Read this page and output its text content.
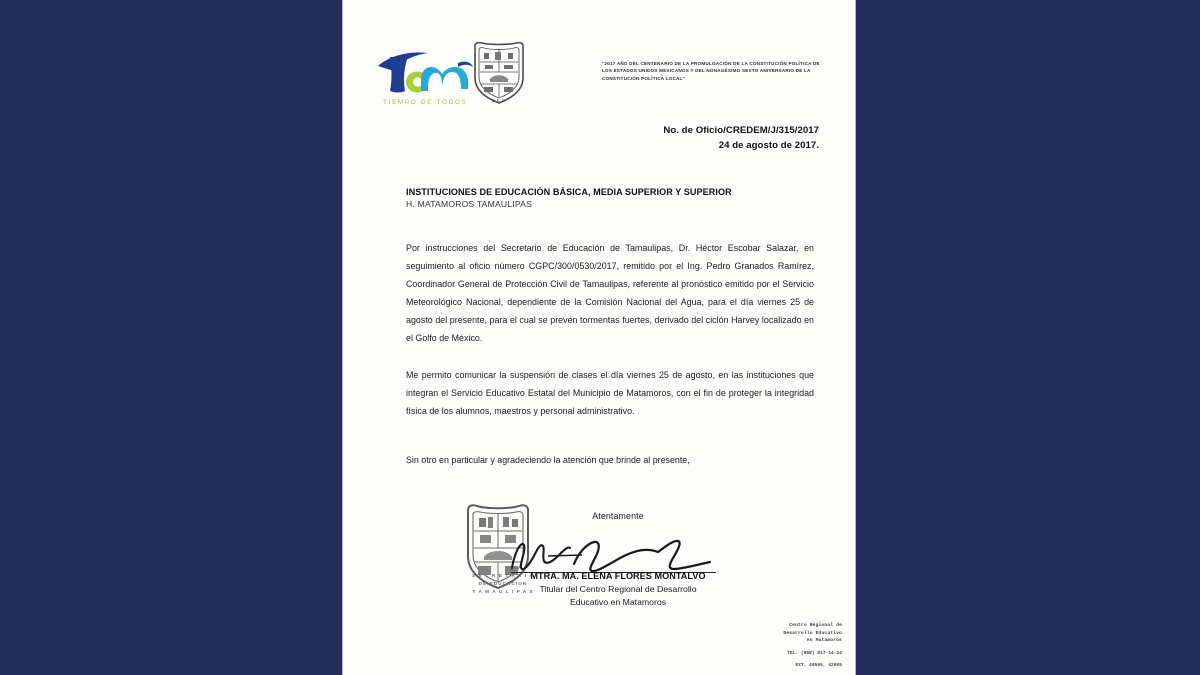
TIEMPO DE TODOS	S.E.P.
"2017 AÑO DEL CENTENARIO DE LA PROMULGACIÓN DE LA CONSTITUCIÓN POLÍTICA DE LOS ESTADOS UNIDOS MEXICANOS Y DEL NONAGÉSIMO SEXTO ANIVERSARIO DE LA CONSTITUCIÓN POLÍTICA LOCAL"
No. de Oficio/CREDEM/J/315/2017
24 de agosto de 2017.
INSTITUCIONES DE EDUCACIÓN BÁSICA, MEDIA SUPERIOR Y SUPERIOR
H. MATAMOROS TAMAULIPAS

Por instrucciones del Secretario de Educación de Tamaulipas, Dr. Héctor Escobar Salazar, en seguimiento al oficio número CGPC/300/0530/2017, remitido por el Ing. Pedro Granados Ramírez, Coordinador General de Protección Civil de Tamaulipas, referente al pronóstico emitido por el Servicio Meteorológico Nacional, dependiente de la Comisión Nacional del Agua, para el día viernes 25 de agosto del presente, para el cual se prevén tormentas fuertes, derivado del ciclón Harvey localizado en el Golfo de México.

Me permito comunicar la suspensión de clases el día viernes 25 de agosto, en las instituciones que integran el Servicio Educativo Estatal del Municipio de Matamoros, con el fin de proteger la integridad física de los alumnos, maestros y personal administrativo.

Sin otro en particular y agradeciendo la atención que brinde al presente,
Atentamente
S E C R E T A R I A
DE EDUCACION
T A M A U L I P A S
MTRA. MA. ELENA FLORES MONTALVO
Titular del Centro Regional de Desarrollo
Educativo en Matamoros

Centro Regional de
Desarrollo Educativo
en Matamoros
TEL. (868) 817-14-24
EXT. 40500, 42005
